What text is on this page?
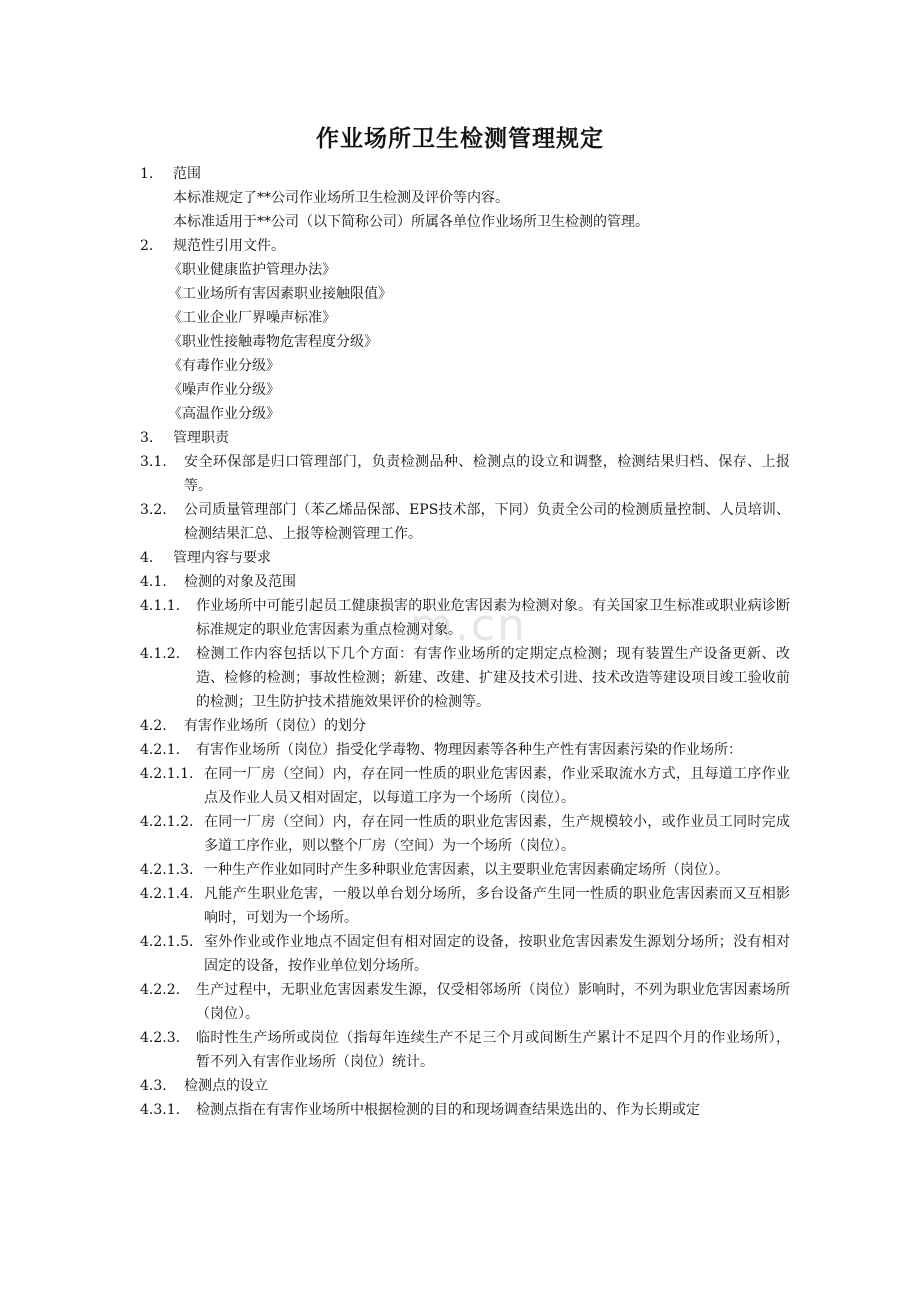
m.cn
作业场所卫生检测管理规定
1.	范围
本标准规定了**公司作业场所卫生检测及评价等内容。
本标准适用于**公司（以下简称公司）所属各单位作业场所卫生检测的管理。
2.	规范性引用文件。
《职业健康监护管理办法》
《工业场所有害因素职业接触限值》
《工业企业厂界噪声标准》
《职业性接触毒物危害程度分级》
《有毒作业分级》
《噪声作业分级》
《高温作业分级》
3.	管理职责
3.1.	安全环保部是归口管理部门，负责检测品种、检测点的设立和调整，检测结果归档、保存、上报等。
3.2.	公司质量管理部门（苯乙烯品保部、EPS技术部，下同）负责全公司的检测质量控制、人员培训、检测结果汇总、上报等检测管理工作。
4.	管理内容与要求
4.1.	检测的对象及范围
4.1.1.	作业场所中可能引起员工健康损害的职业危害因素为检测对象。有关国家卫生标准或职业病诊断标准规定的职业危害因素为重点检测对象。
4.1.2.	检测工作内容包括以下几个方面：有害作业场所的定期定点检测；现有装置生产设备更新、改造、检修的检测；事故性检测；新建、改建、扩建及技术引进、技术改造等建设项目竣工验收前的检测；卫生防护技术措施效果评价的检测等。
4.2.	有害作业场所（岗位）的划分
4.2.1.	有害作业场所（岗位）指受化学毒物、物理因素等各种生产性有害因素污染的作业场所：
4.2.1.1. 在同一厂房（空间）内，存在同一性质的职业危害因素，作业采取流水方式，且每道工序作业点及作业人员又相对固定，以每道工序为一个场所（岗位）。
4.2.1.2. 在同一厂房（空间）内，存在同一性质的职业危害因素，生产规模较小，或作业员工同时完成多道工序作业，则以整个厂房（空间）为一个场所（岗位）。
4.2.1.3. 一种生产作业如同时产生多种职业危害因素，以主要职业危害因素确定场所（岗位）。
4.2.1.4. 凡能产生职业危害，一般以单台划分场所，多台设备产生同一性质的职业危害因素而又互相影响时，可划为一个场所。
4.2.1.5. 室外作业或作业地点不固定但有相对固定的设备，按职业危害因素发生源划分场所；没有相对固定的设备，按作业单位划分场所。
4.2.2.	生产过程中，无职业危害因素发生源，仅受相邻场所（岗位）影响时，不列为职业危害因素场所（岗位）。
4.2.3.	临时性生产场所或岗位（指每年连续生产不足三个月或间断生产累计不足四个月的作业场所），暂不列入有害作业场所（岗位）统计。
4.3.	检测点的设立
4.3.1.	检测点指在有害作业场所中根据检测的目的和现场调查结果选出的、作为长期或定
